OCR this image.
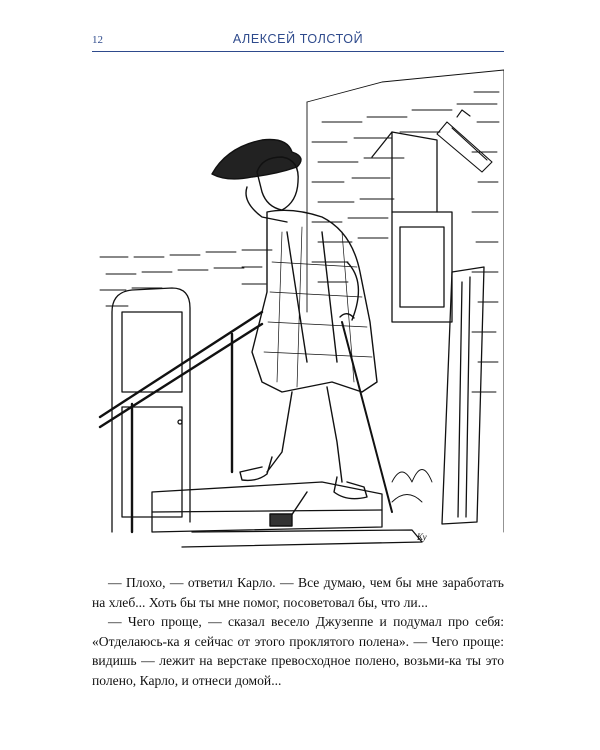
12	АЛЕКСЕЙ ТОЛСТОЙ
Ку

— Плохо, — ответил Карло. — Все думаю, чем бы мне заработать на хлеб... Хоть бы ты мне помог, посоветовал бы, что ли...

— Чего проще, — сказал весело Джузеппе и подумал про себя: «Отделаюсь-ка я сейчас от этого проклятого полена». — Чего проще: видишь — лежит на верстаке превосходное полено, возьми-ка ты это полено, Карло, и отнеси домой...
